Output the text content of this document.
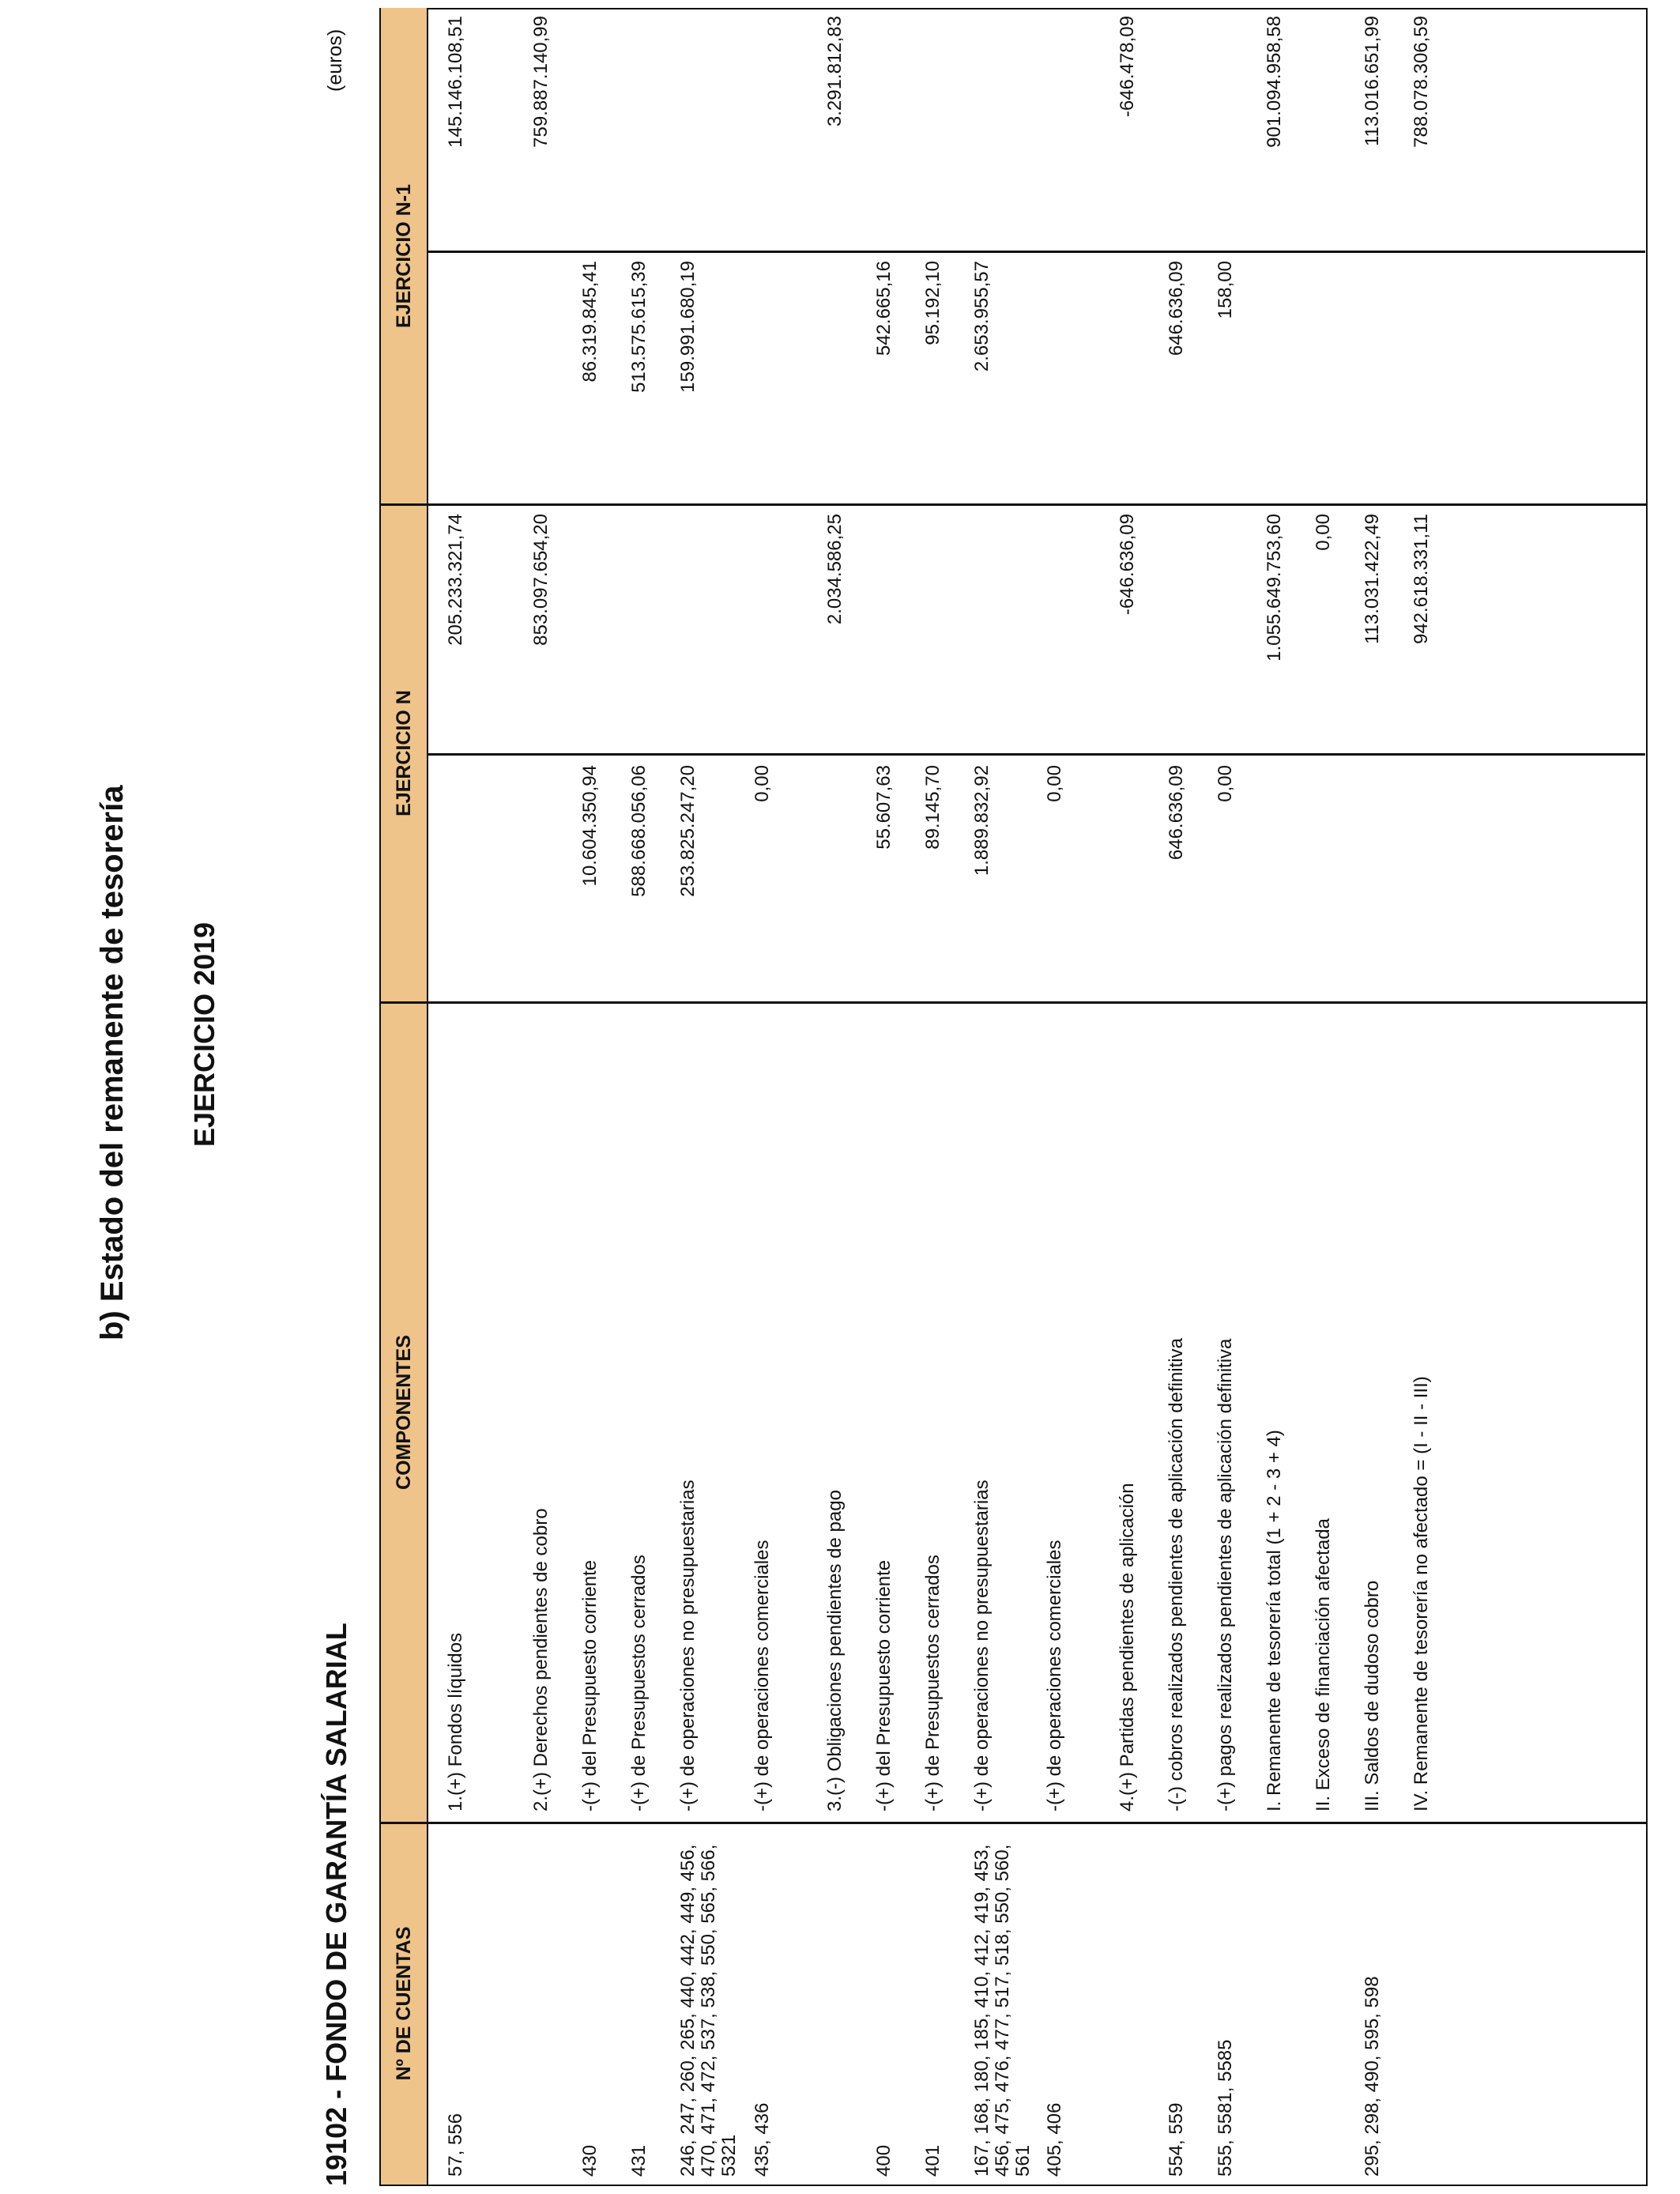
b) Estado del remanente de tesorería EJERCICIO 2019
19102 - FONDO DE GARANTÍA SALARIAL
(euros)
Nº DE CUENTAS
COMPONENTES
EJERCICIO N
EJERCICIO N-1
57, 556
1.(+) Fondos líquidos
205.233.321,74
145.146.108,51
2.(+) Derechos pendientes de cobro
853.097.654,20
759.887.140,99
430
-(+) del Presupuesto corriente
10.604.350,94
86.319.845,41
431
-(+) de Presupuestos cerrados
588.668.056,06
513.575.615,39
246, 247, 260, 265, 440, 442, 449, 456, 470, 471, 472, 537, 538, 550, 565, 566, 5321
-(+) de operaciones no presupuestarias
253.825.247,20
159.991.680,19
435, 436
-(+) de operaciones comerciales
0,00
3.(-) Obligaciones pendientes de pago
2.034.586,25
3.291.812,83
400
-(+) del Presupuesto corriente
55.607,63
542.665,16
401
-(+) de Presupuestos cerrados
89.145,70
95.192,10
167, 168, 180, 185, 410, 412, 419, 453, 456, 475, 476, 477, 517, 518, 550, 560, 561
-(+) de operaciones no presupuestarias
1.889.832,92
2.653.955,57
405, 406
-(+) de operaciones comerciales
0,00
4.(+) Partidas pendientes de aplicación
-646.636,09
-646.478,09
554, 559
-(-) cobros realizados pendientes de aplicación definitiva
646.636,09
646.636,09
555, 5581, 5585
-(+) pagos realizados pendientes de aplicación definitiva
0,00
158,00
I. Remanente de tesorería total (1 + 2 - 3 + 4)
1.055.649.753,60
901.094.958,58
II. Exceso de financiación afectada
0,00
295, 298, 490, 595, 598
III. Saldos de dudoso cobro
113.031.422,49
113.016.651,99
IV. Remanente de tesorería no afectado = (I - II - III)
942.618.331,11
788.078.306,59
